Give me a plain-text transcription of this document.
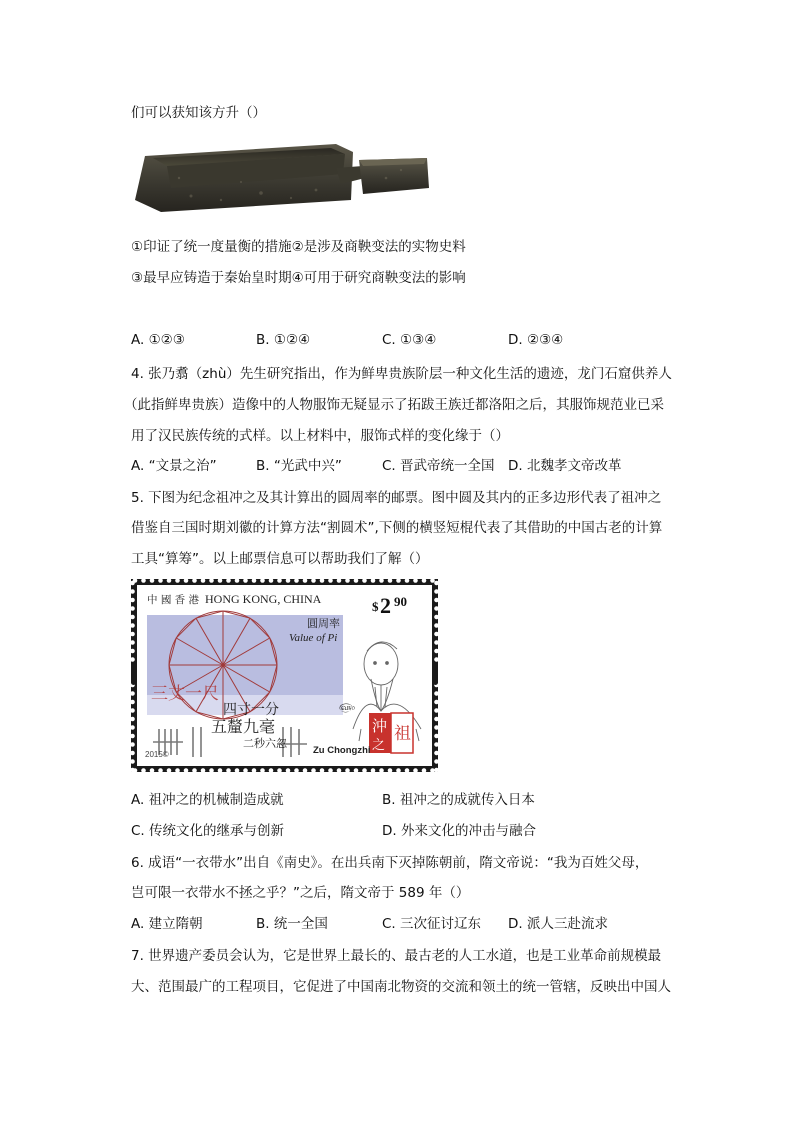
们可以获知该方升（）
①印证了统一度量衡的措施②是涉及商鞅变法的实物史料
③最早应铸造于秦始皇时期④可用于研究商鞅变法的影响
A. ①②③	B. ①②④	C. ①③④	D. ②③④
4. 张乃翥（zhù）先生研究指出，作为鲜卑贵族阶层一种文化生活的遗迹，龙门石窟供养人
（此指鲜卑贵族）造像中的人物服饰无疑显示了拓跋王族迁都洛阳之后，其服饰规范业已采
用了汉民族传统的式样。以上材料中，服饰式样的变化缘于（）
A. “文景之治”	B. “光武中兴”	C. 晋武帝统一全国 D. 北魏孝文帝改革
5. 下图为纪念祖冲之及其计算出的圆周率的邮票。图中圆及其内的正多边形代表了祖冲之
借鉴自三国时期刘徽的计算方法“割圆术”,下侧的横竖短棍代表了其借助的中国古老的计算
工具“算筹”。以上邮票信息可以帮助我们了解（）
中 國 香 港 HONG KONG, CHINA	$ 2 90
圓周率
Value of Pi
三丈一尺
四寸一分
五釐九毫
二秒六忽
沖 祖
之
௵
Zu Chongzhi
2015©
A. 祖冲之的机械制造成就	B. 祖冲之的成就传入日本
C. 传统文化的继承与创新	D. 外来文化的冲击与融合
6. 成语“一衣带水”出自《南史》。在出兵南下灭掉陈朝前，隋文帝说：“我为百姓父母，
岂可限一衣带水不拯之乎？”之后，隋文帝于 589 年（）
A. 建立隋朝	B. 统一全国	C. 三次征讨辽东 D. 派人三赴流求
7. 世界遗产委员会认为，它是世界上最长的、最古老的人工水道，也是工业革命前规模最
大、范围最广的工程项目，它促进了中国南北物资的交流和领土的统一管辖，反映出中国人
